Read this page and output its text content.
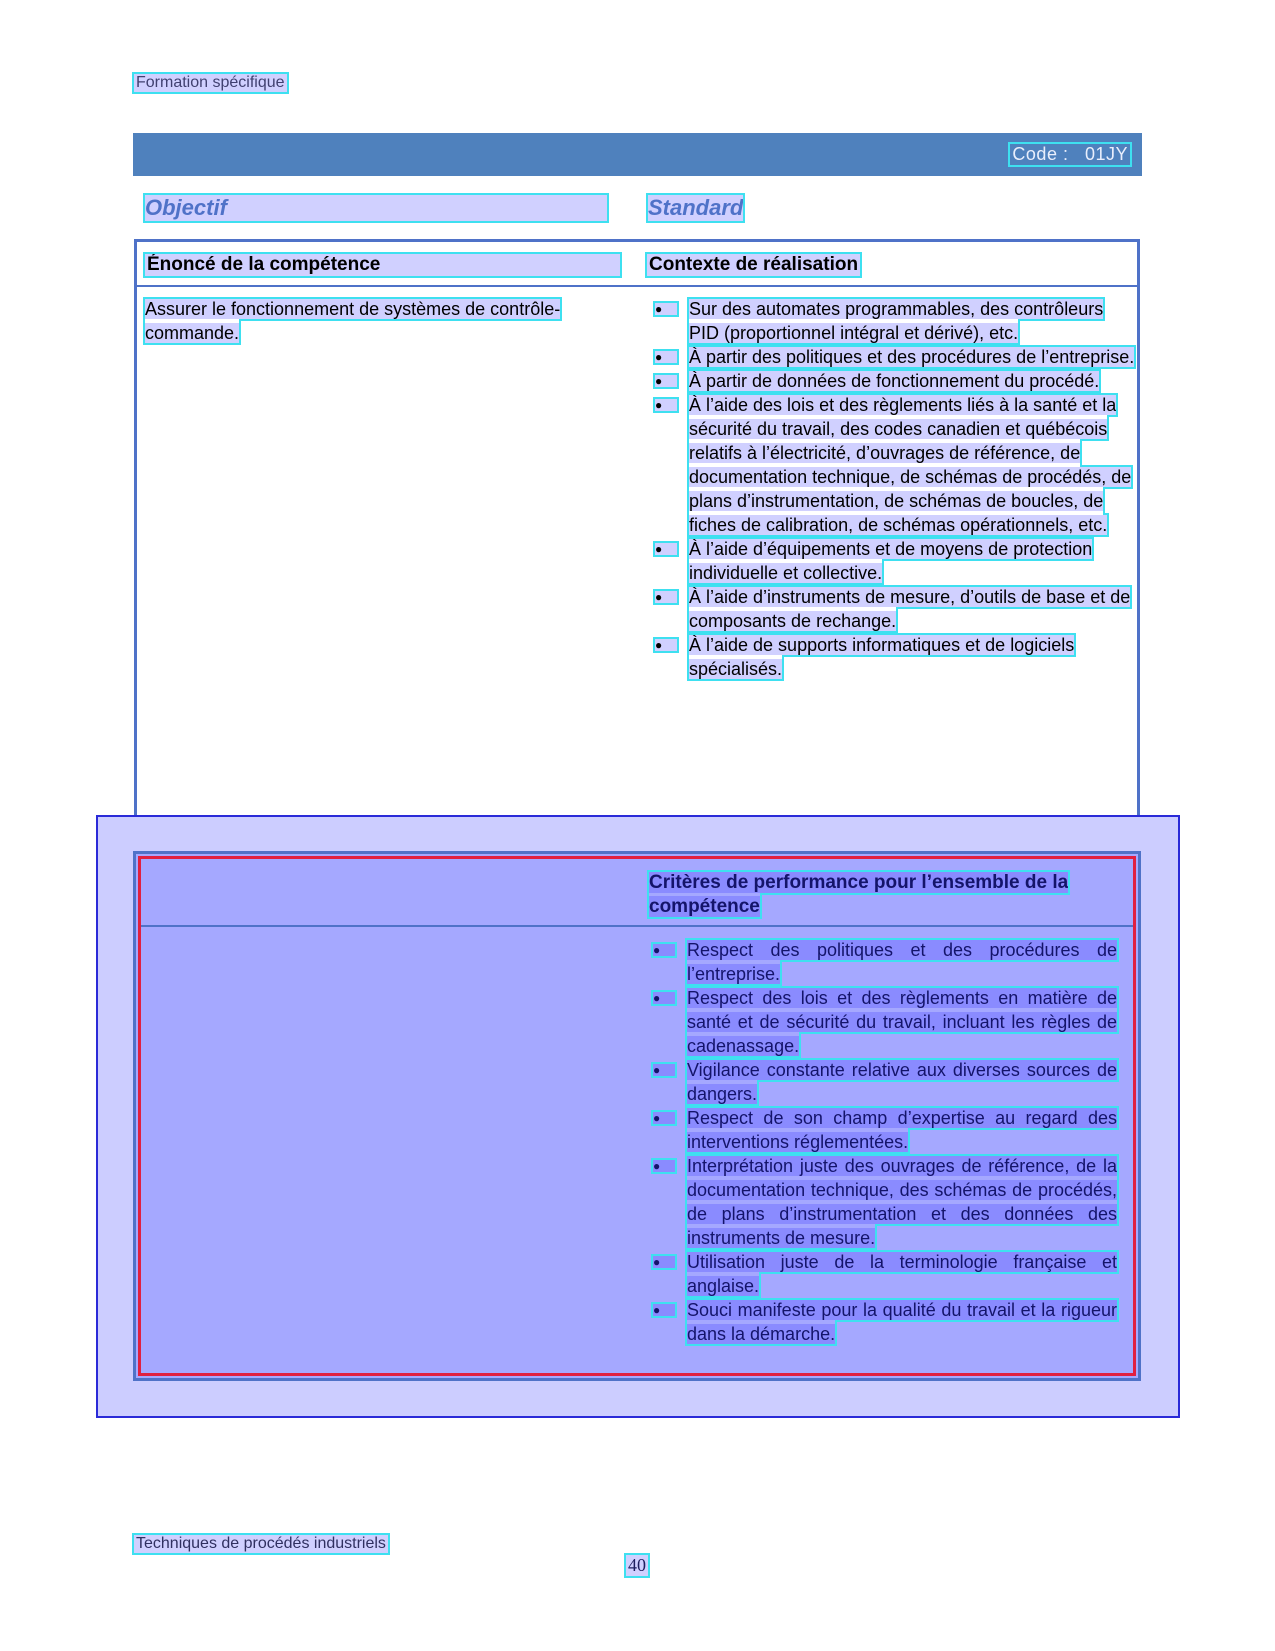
Formation spécifique
Code :   01JY
Objectif	Standard
Énoncé de la compétence	Contexte de réalisation
Assurer le fonctionnement de systèmes de contrôle-commande.
●	Sur des automates programmables, des contrôleurs PID (proportionnel intégral et dérivé), etc.
●	À partir des politiques et des procédures de l’entreprise.
●	À partir de données de fonctionnement du procédé.
●	À l’aide des lois et des règlements liés à la santé et la sécurité du travail, des codes canadien et québécois relatifs à l’électricité, d’ouvrages de référence, de documentation technique, de schémas de procédés, de plans d’instrumentation, de schémas de boucles, de fiches de calibration, de schémas opérationnels, etc.
●	À l’aide d’équipements et de moyens de protection individuelle et collective.
●	À l’aide d’instruments de mesure, d’outils de base et de composants de rechange.
●	À l’aide de supports informatiques et de logiciels spécialisés.
Critères de performance pour l’ensemble de la compétence
●	Respect des politiques et des procédures de l’entreprise.
●	Respect des lois et des règlements en matière de santé et de sécurité du travail, incluant les règles de cadenassage.
●	Vigilance constante relative aux diverses sources de dangers.
●	Respect de son champ d’expertise au regard des interventions réglementées.
●	Interprétation juste des ouvrages de référence, de la documentation technique, des schémas de procédés, de plans d’instrumentation et des données des instruments de mesure.
●	Utilisation juste de la terminologie française et anglaise.
●	Souci manifeste pour la qualité du travail et la rigueur dans la démarche.
Techniques de procédés industriels
40
